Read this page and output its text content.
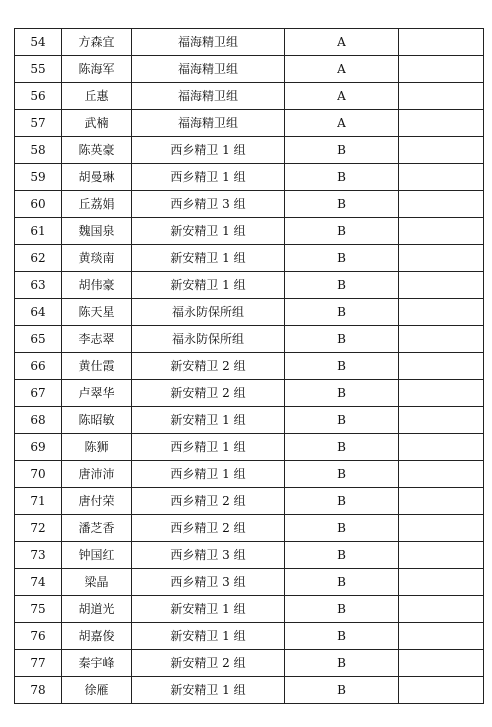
54	方森宜	福海精卫组	A	
55	陈海军	福海精卫组	A	
56	丘惠	福海精卫组	A	
57	武楠	福海精卫组	A	
58	陈英豪	西乡精卫 1 组	B	
59	胡曼琳	西乡精卫 1 组	B	
60	丘荔娟	西乡精卫 3 组	B	
61	魏国泉	新安精卫 1 组	B	
62	黄琰南	新安精卫 1 组	B	
63	胡伟豪	新安精卫 1 组	B	
64	陈天星	福永防保所组	B	
65	李志翠	福永防保所组	B	
66	黄仕霞	新安精卫 2 组	B	
67	卢翠华	新安精卫 2 组	B	
68	陈昭敏	新安精卫 1 组	B	
69	陈狮	西乡精卫 1 组	B	
70	唐沛沛	西乡精卫 1 组	B	
71	唐付荣	西乡精卫 2 组	B	
72	潘芝香	西乡精卫 2 组	B	
73	钟国红	西乡精卫 3 组	B	
74	梁晶	西乡精卫 3 组	B	
75	胡道光	新安精卫 1 组	B	
76	胡嘉俊	新安精卫 1 组	B	
77	秦宇峰	新安精卫 2 组	B	
78	徐雁	新安精卫 1 组	B	
